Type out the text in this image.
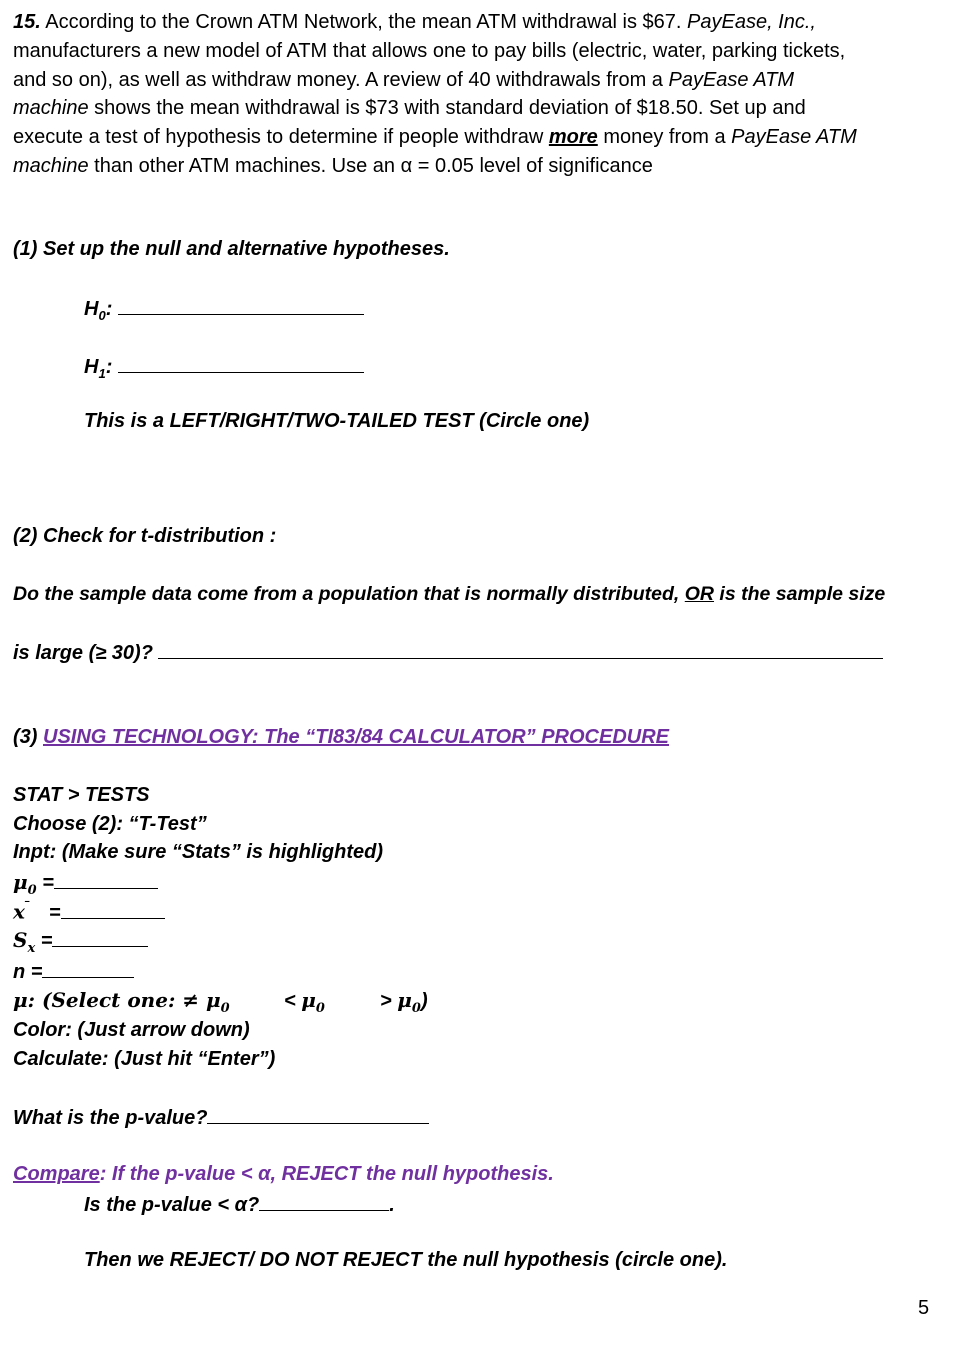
15. According to the Crown ATM Network, the mean ATM withdrawal is $67. PayEase, Inc.,
manufacturers a new model of ATM that allows one to pay bills (electric, water, parking tickets,
and so on), as well as withdraw money. A review of 40 withdrawals from a PayEase ATM
machine shows the mean withdrawal is $73 with standard deviation of $18.50. Set up and
execute a test of hypothesis to determine if people withdraw more money from a PayEase ATM
machine than other ATM machines. Use an α = 0.05 level of significance
(1) Set up the null and alternative hypotheses.
$H_0$:
$H_1$:
This is a LEFT/RIGHT/TWO-TAILED TEST (Circle one)
(2) Check for t-distribution :
Do the sample data come from a population that is normally distributed, OR is the sample size
is large (≥ 30)?
(3) USING TECHNOLOGY: The “TI83/84 CALCULATOR” PROCEDURE
STAT > TESTS
Choose (2): “T-Test”
Inpt: (Make sure “Stats” is highlighted)
$\mu_0$ =
x‾ =
$S_x$ =
n =
μ: (Select one: ≠ $\mu_0$	< $\mu_0$	> $\mu_0$)
Color: (Just arrow down)
Calculate: (Just hit “Enter”)
What is the p-value?
Compare: If the p-value < α, REJECT the null hypothesis.
Is the p-value < α?	.
Then we REJECT/ DO NOT REJECT the null hypothesis (circle one).
5
